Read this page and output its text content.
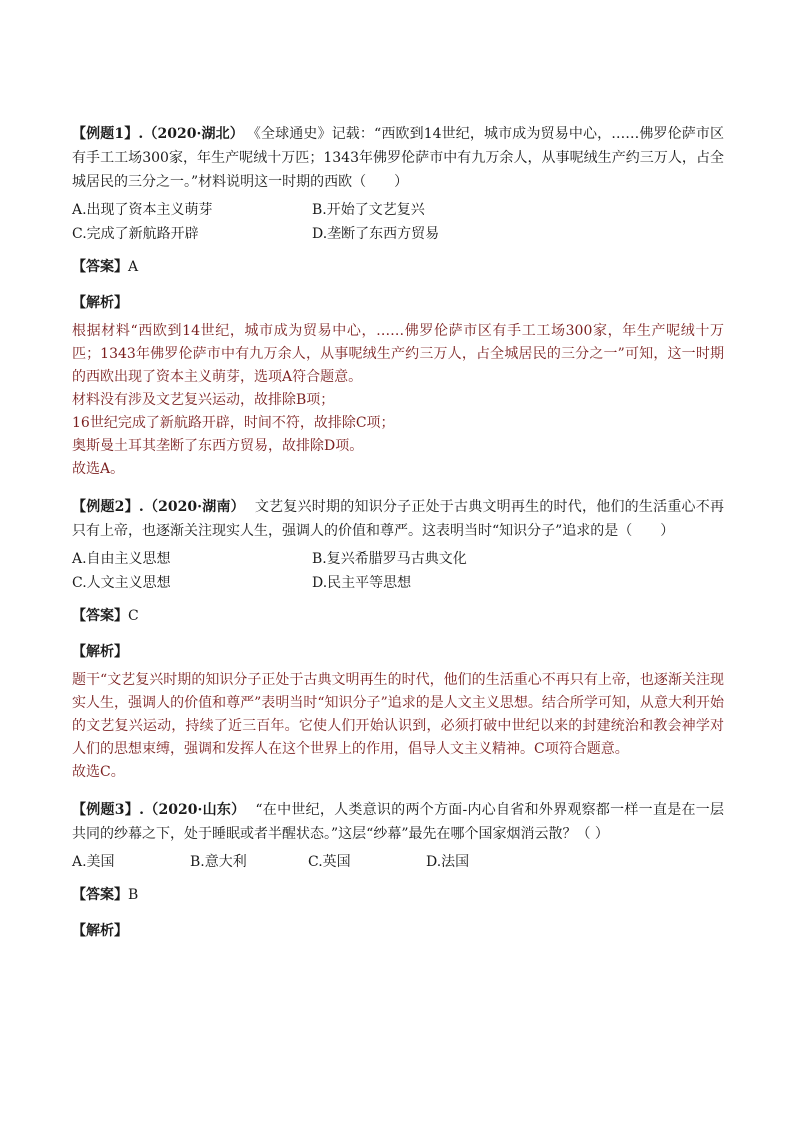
【例题1】.（2020·湖北） 《全球通史》记载：“西欧到14世纪，城市成为贸易中心，……佛罗伦萨市区有手工工场300家，年生产呢绒十万匹；1343年佛罗伦萨市中有九万余人，从事呢绒生产约三万人，占全城居民的三分之一。”材料说明这一时期的西欧（　　）
A.出现了资本主义萌芽	B.开始了文艺复兴
C.完成了新航路开辟	D.垄断了东西方贸易
【答案】A
【解析】

根据材料“西欧到14世纪，城市成为贸易中心，……佛罗伦萨市区有手工工场300家，年生产呢绒十万匹；1343年佛罗伦萨市中有九万余人，从事呢绒生产约三万人，占全城居民的三分之一”可知，这一时期的西欧出现了资本主义萌芽，选项A符合题意。

材料没有涉及文艺复兴运动，故排除B项；

16世纪完成了新航路开辟，时间不符，故排除C项；

奥斯曼土耳其垄断了东西方贸易，故排除D项。

故选A。

【例题2】.（2020·湖南） 文艺复兴时期的知识分子正处于古典文明再生的时代，他们的生活重心不再只有上帝，也逐渐关注现实人生，强调人的价值和尊严。这表明当时“知识分子”追求的是（　　）
A.自由主义思想	B.复兴希腊罗马古典文化
C.人文主义思想	D.民主平等思想
【答案】C
【解析】

题干“文艺复兴时期的知识分子正处于古典文明再生的时代，他们的生活重心不再只有上帝，也逐渐关注现实人生，强调人的价值和尊严”表明当时“知识分子”追求的是人文主义思想。结合所学可知，从意大利开始的文艺复兴运动，持续了近三百年。它使人们开始认识到，必须打破中世纪以来的封建统治和教会神学对人们的思想束缚，强调和发挥人在这个世界上的作用，倡导人文主义精神。C项符合题意。

故选C。

【例题3】.（2020·山东） “在中世纪，人类意识的两个方面-内心自省和外界观察都一样一直是在一层共同的纱幕之下，处于睡眠或者半醒状态。”这层“纱幕”最先在哪个国家烟消云散？（ ）
A.美国	B.意大利	C.英国	D.法国
【答案】B
【解析】
